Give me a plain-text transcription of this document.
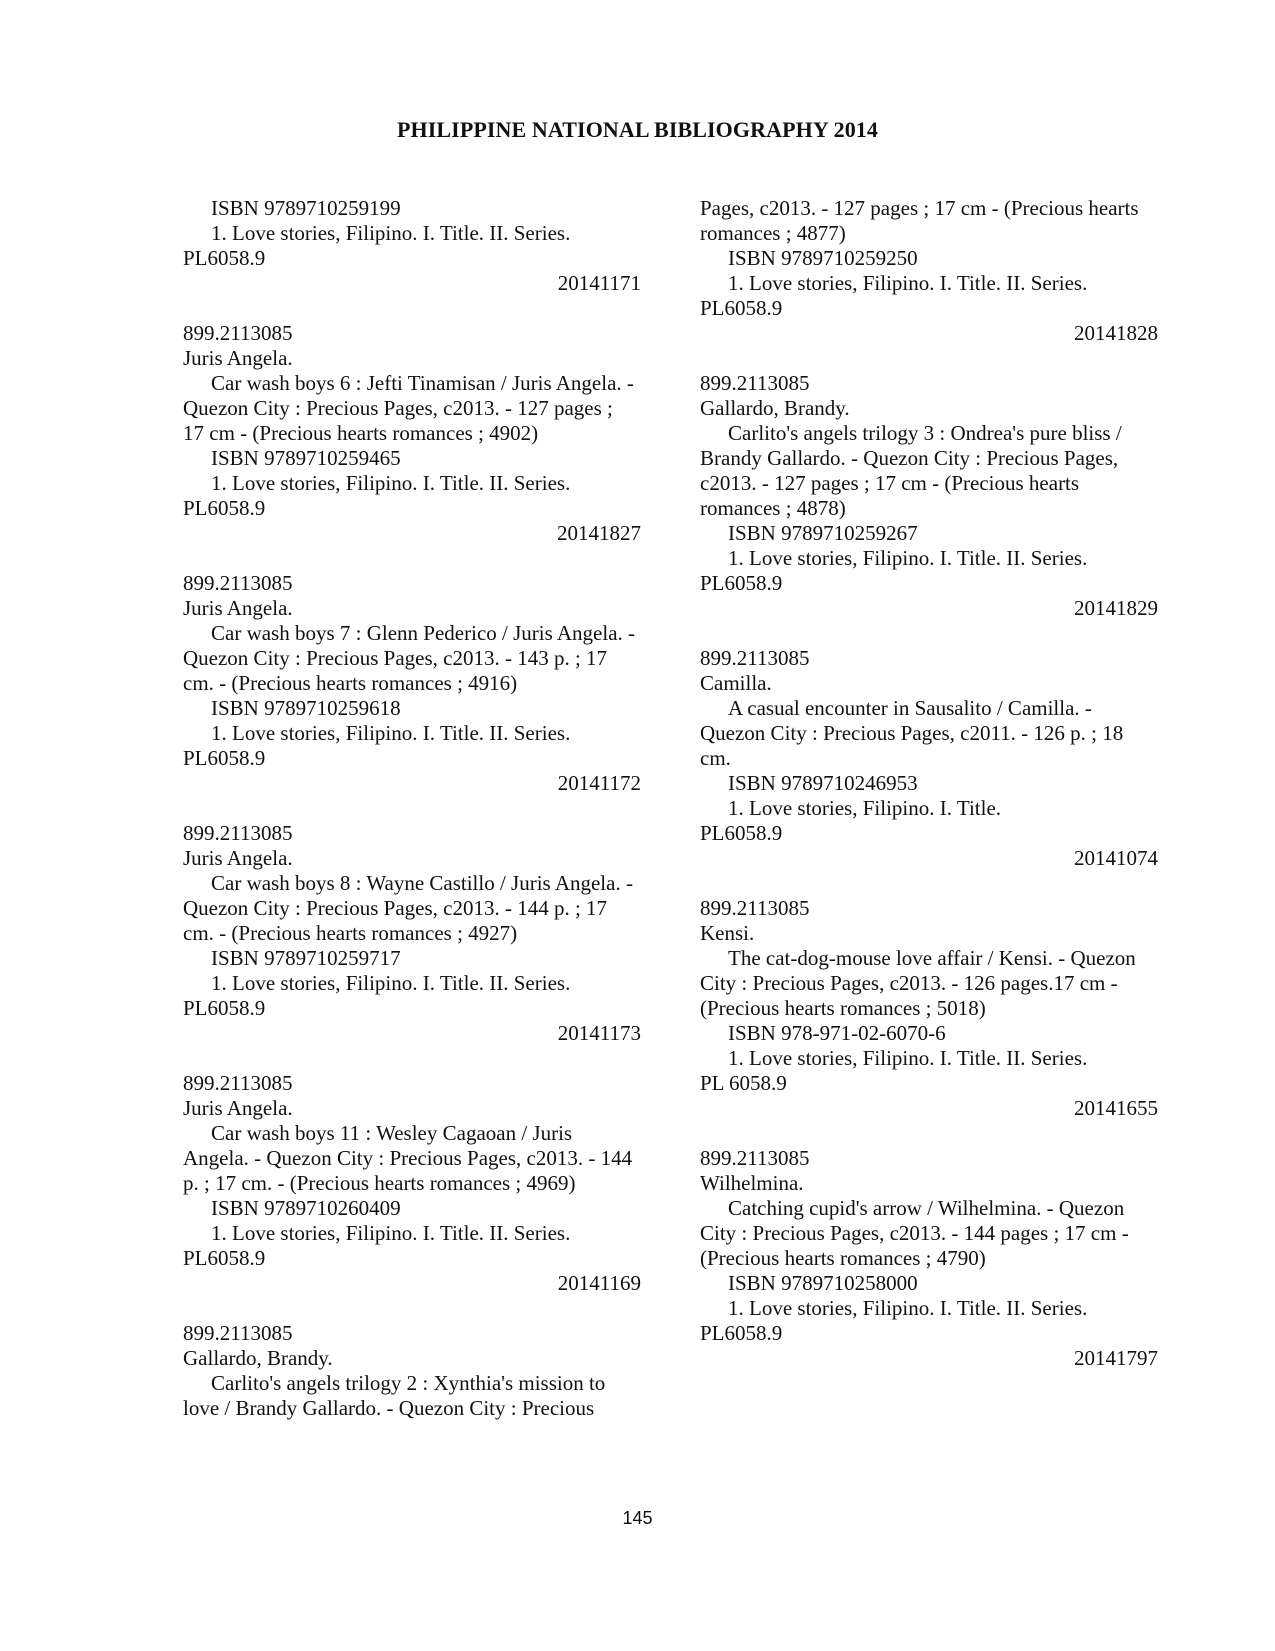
PHILIPPINE NATIONAL BIBLIOGRAPHY 2014
ISBN 9789710259199
1. Love stories, Filipino. I. Title. II. Series.
PL6058.9
20141171
899.2113085
Juris Angela.
Car wash boys 6 : Jefti Tinamisan / Juris Angela. -
Quezon City : Precious Pages, c2013. - 127 pages ;
17 cm - (Precious hearts romances ; 4902)
ISBN 9789710259465
1. Love stories, Filipino. I. Title. II. Series.
PL6058.9
20141827
899.2113085
Juris Angela.
Car wash boys 7 : Glenn Pederico / Juris Angela. -
Quezon City : Precious Pages, c2013. - 143 p. ; 17
cm. - (Precious hearts romances ; 4916)
ISBN 9789710259618
1. Love stories, Filipino. I. Title. II. Series.
PL6058.9
20141172
899.2113085
Juris Angela.
Car wash boys 8 : Wayne Castillo / Juris Angela. -
Quezon City : Precious Pages, c2013. - 144 p. ; 17
cm. - (Precious hearts romances ; 4927)
ISBN 9789710259717
1. Love stories, Filipino. I. Title. II. Series.
PL6058.9
20141173
899.2113085
Juris Angela.
Car wash boys 11 : Wesley Cagaoan / Juris
Angela. - Quezon City : Precious Pages, c2013. - 144
p. ; 17 cm. - (Precious hearts romances ; 4969)
ISBN 9789710260409
1. Love stories, Filipino. I. Title. II. Series.
PL6058.9
20141169
899.2113085
Gallardo, Brandy.
Carlito's angels trilogy 2 : Xynthia's mission to
love / Brandy Gallardo. - Quezon City : Precious
Pages, c2013. - 127 pages ; 17 cm - (Precious hearts
romances ; 4877)
ISBN 9789710259250
1. Love stories, Filipino. I. Title. II. Series.
PL6058.9
20141828
899.2113085
Gallardo, Brandy.
Carlito's angels trilogy 3 : Ondrea's pure bliss /
Brandy Gallardo. - Quezon City : Precious Pages,
c2013. - 127 pages ; 17 cm - (Precious hearts
romances ; 4878)
ISBN 9789710259267
1. Love stories, Filipino. I. Title. II. Series.
PL6058.9
20141829
899.2113085
Camilla.
A casual encounter in Sausalito / Camilla. -
Quezon City : Precious Pages, c2011. - 126 p. ; 18
cm.
ISBN 9789710246953
1. Love stories, Filipino. I. Title.
PL6058.9
20141074
899.2113085
Kensi.
The cat-dog-mouse love affair / Kensi. - Quezon
City : Precious Pages, c2013. - 126 pages.17 cm -
(Precious hearts romances ; 5018)
ISBN 978-971-02-6070-6
1. Love stories, Filipino. I. Title. II. Series.
PL 6058.9
20141655
899.2113085
Wilhelmina.
Catching cupid's arrow / Wilhelmina. - Quezon
City : Precious Pages, c2013. - 144 pages ; 17 cm -
(Precious hearts romances ; 4790)
ISBN 9789710258000
1. Love stories, Filipino. I. Title. II. Series.
PL6058.9
20141797
145
